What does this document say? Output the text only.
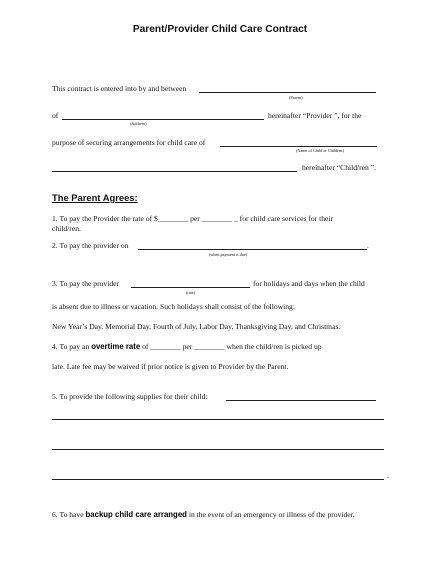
Parent/Provider Child Care Contract
This contract is entered into by and between
(Parent)
of	hereinafter “Provider ”, for the
(Address)
purpose of securing arrangements for child care of
(Name of Child or Children)
hereinafter “Child/ren ”.
The Parent Agrees:
1. To pay the Provider the rate of $________ per ________ _ for child care services for their
child/ren.
2. To pay the provider on	.
(when payment is due)
3. To pay the provider	for holidays and days when the child
(rate)
is absent due to illness or vacation. Such holidays shall consist of the following:
New Year’s Day, Memorial Day, Fourth of July, Labor Day, Thanksgiving Day, and Christmas.
4. To pay an overtime rate of ________ per ________ when the child/ren is picked up
late. Late fee may be waived if prior notice is given to Provider by the Parent.
5. To provide the following supplies for their child:
.
6. To have backup child care arranged in the event of an emergency or illness of the provider.
